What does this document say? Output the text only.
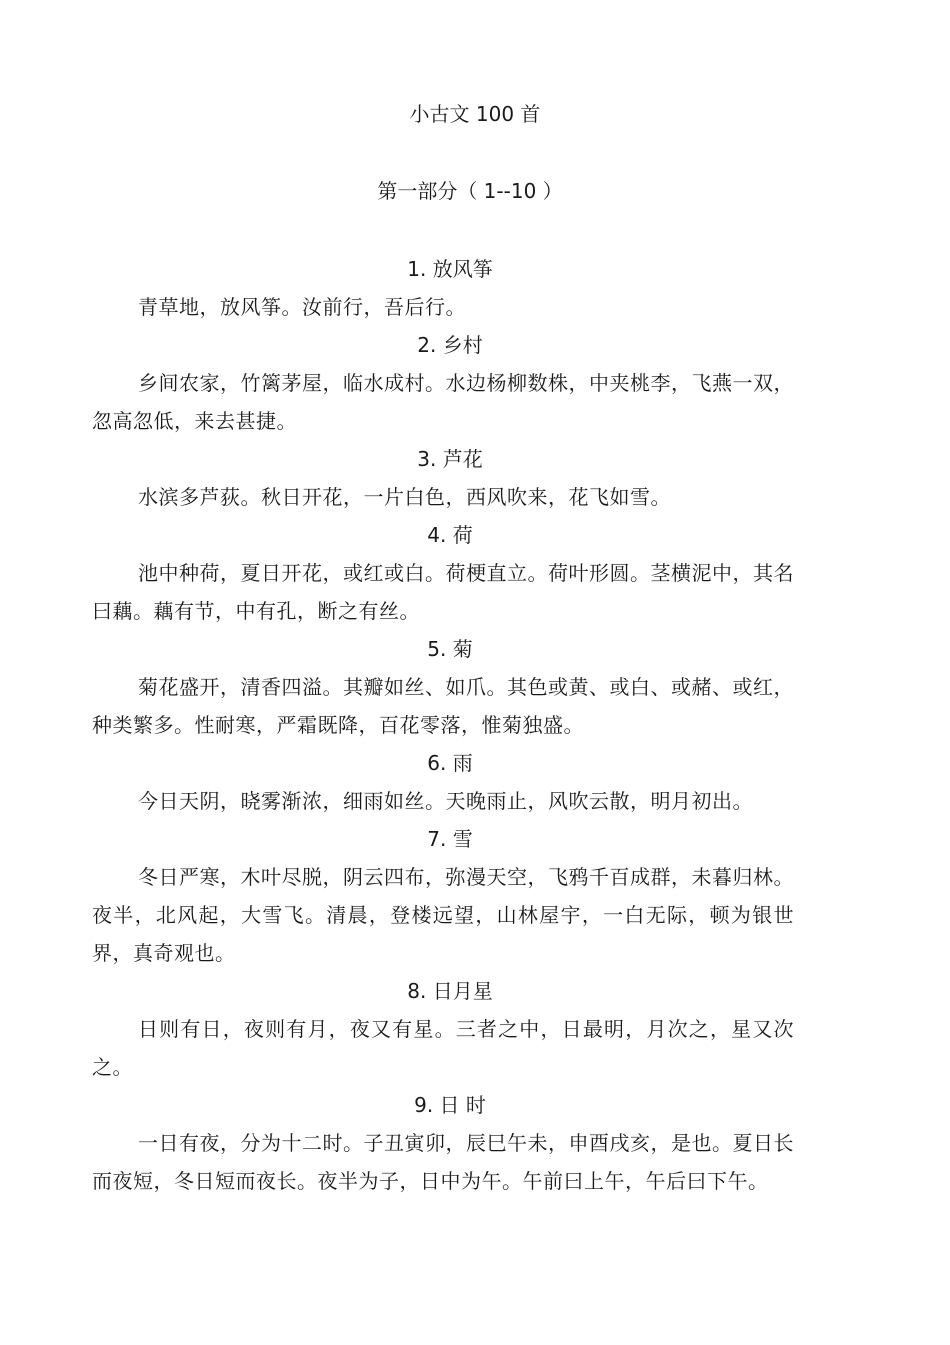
小古文 100 首
第一部分（ 1--10 ）
1. 放风筝

青草地，放风筝。汝前行，吾后行。

2. 乡村

乡间农家，竹篱茅屋，临水成村。水边杨柳数株，中夹桃李，飞燕一双，忽高忽低，来去甚捷。

3. 芦花

水滨多芦荻。秋日开花，一片白色，西风吹来，花飞如雪。

4. 荷

池中种荷，夏日开花，或红或白。荷梗直立。荷叶形圆。茎横泥中，其名曰藕。藕有节，中有孔，断之有丝。

5. 菊

菊花盛开，清香四溢。其瓣如丝、如爪。其色或黄、或白、或赭、或红，种类繁多。性耐寒，严霜既降，百花零落，惟菊独盛。

6. 雨

今日天阴，晓雾渐浓，细雨如丝。天晚雨止，风吹云散，明月初出。

7. 雪

冬日严寒，木叶尽脱，阴云四布，弥漫天空，飞鸦千百成群，未暮归林。夜半，北风起，大雪飞。清晨，登楼远望，山林屋宇，一白无际，顿为银世界，真奇观也。

8. 日月星

日则有日，夜则有月，夜又有星。三者之中，日最明，月次之，星又次之。

9. 日 时

一日有夜，分为十二时。子丑寅卯，辰巳午未，申酉戌亥，是也。夏日长而夜短，冬日短而夜长。夜半为子，日中为午。午前曰上午，午后曰下午。
